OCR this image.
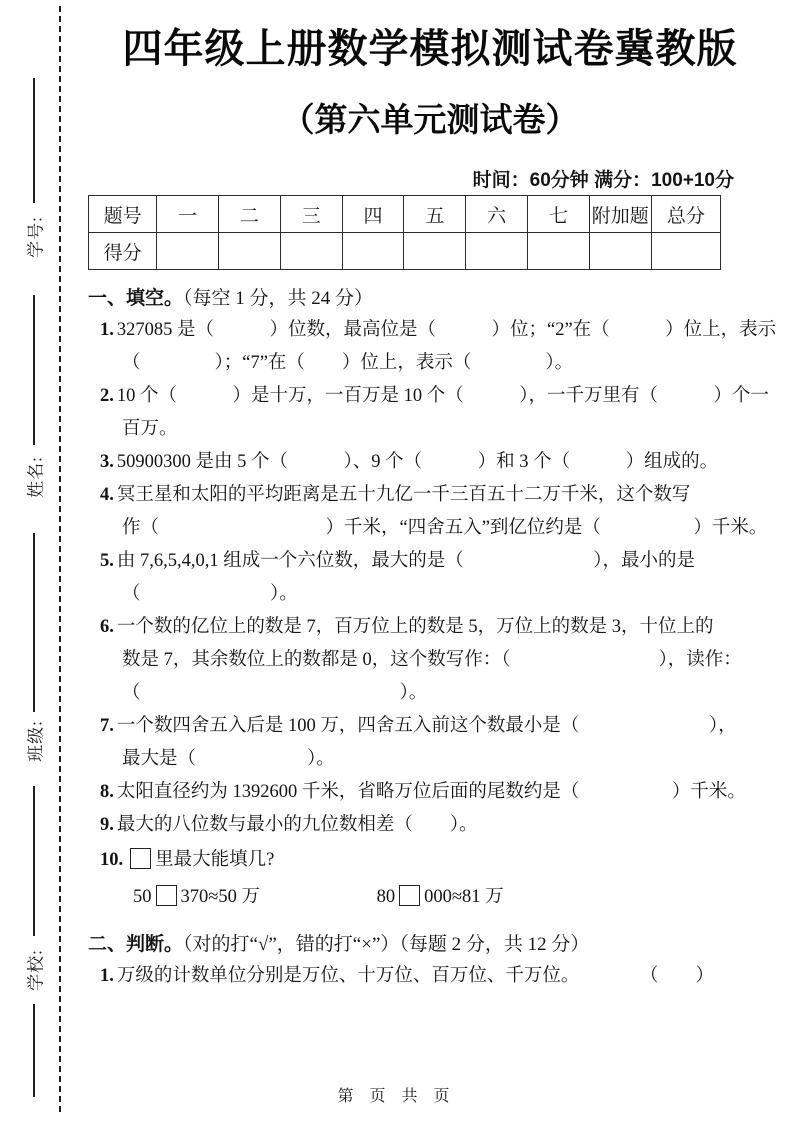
学号:
姓名:
班级:
学校:
四年级上册数学模拟测试卷冀教版
（第六单元测试卷）
时间：60分钟 满分：100+10分
题号	一	二	三	四	五	六	七	附加题	总分
得分									
一、填空。（每空 1 分，共 24 分）
1. 327085 是（　　　）位数，最高位是（　　　）位；“2”在（　　　）位上，表示
（　　　　）；“7”在（　　）位上，表示（　　　　）。
2. 10 个（　　　）是十万，一百万是 10 个（　　　），一千万里有（　　　）个一
百万。
3. 50900300 是由 5 个（　　　）、9 个（　　　）和 3 个（　　　）组成的。
4. 冥王星和太阳的平均距离是五十九亿一千三百五十二万千米，这个数写
作（　　　　　　　　　）千米，“四舍五入”到亿位约是（　　　　　）千米。
5. 由 7,6,5,4,0,1 组成一个六位数，最大的是（　　　　　　　），最小的是
（　　　　　　　）。
6. 一个数的亿位上的数是 7，百万位上的数是 5，万位上的数是 3，十位上的
数是 7，其余数位上的数都是 0，这个数写作：（　　　　　　　　），读作：
（　　　　　　　　　　　　　　）。
7. 一个数四舍五入后是 100 万，四舍五入前这个数最小是（　　　　　　　），
最大是（　　　　　　）。
8. 太阳直径约为 1392600 千米，省略万位后面的尾数约是（　　　　　）千米。
9. 最大的八位数与最小的九位数相差（　　）。
10. 里最大能填几?
50 370≈50 万	80 000≈81 万
二、判断。（对的打“√”，错的打“×”）（每题 2 分，共 12 分）
1. 万级的计数单位分别是万位、十万位、百万位、千万位。	（　　）
第 页 共 页
